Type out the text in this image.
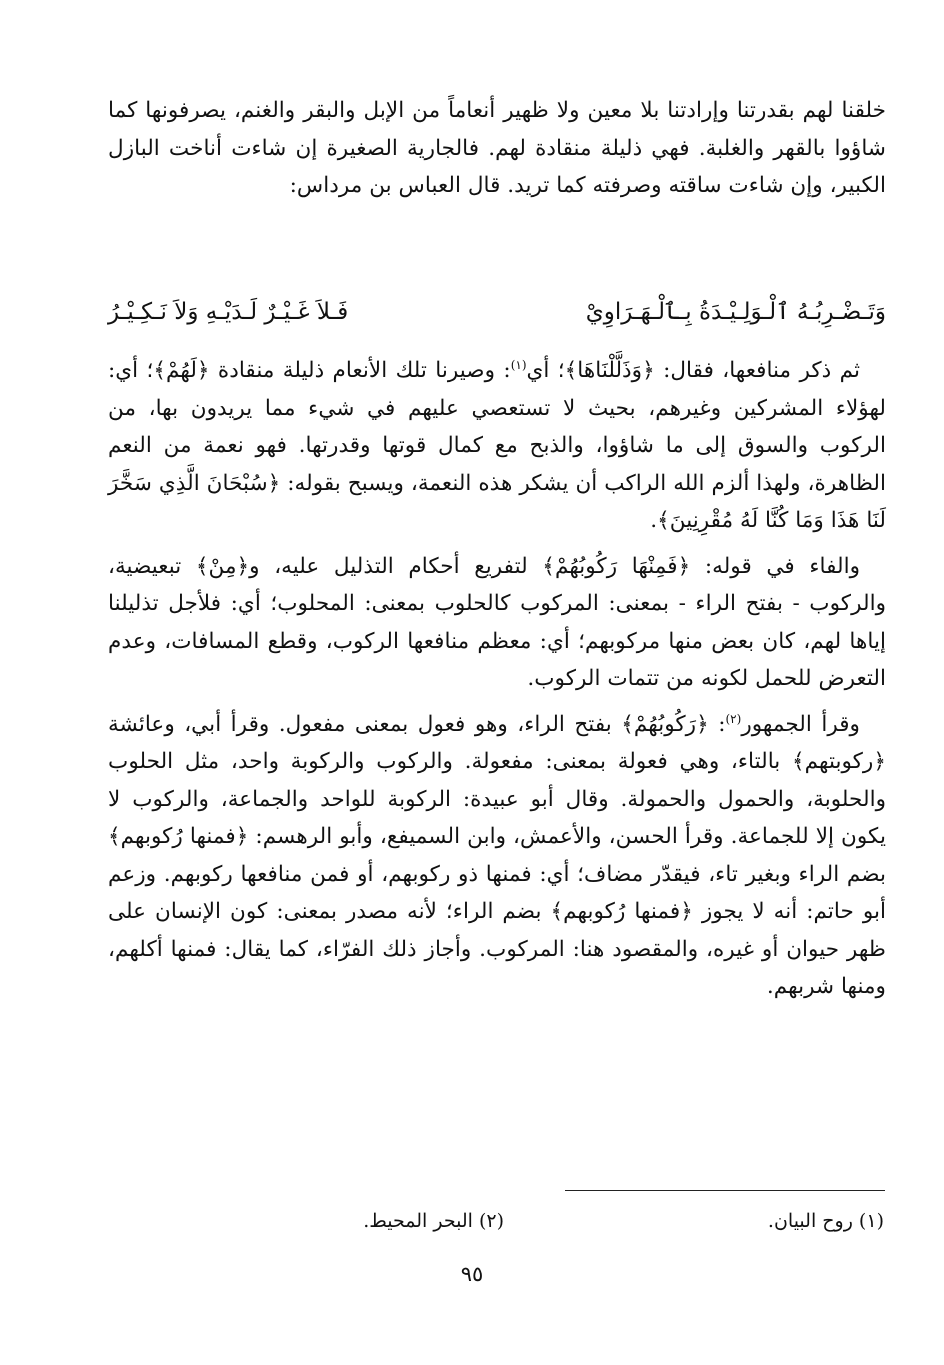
خلقنا لهم بقدرتنا وإرادتنا بلا معين ولا ظهير أنعاماً من الإبل والبقر والغنم، يصرفونها كما شاؤوا بالقهر والغلبة. فهي ذليلة منقادة لهم. فالجارية الصغيرة إن شاءت أناخت البازل الكبير، وإن شاءت ساقته وصرفته كما تريد. قال العباس بن مرداس:

وَتَـضْـرِبُـهُ ٱلْـوَلِـيْـدَةُ بِـٱلْـهَـرَاوِيْ
فَـلاَ غَـيْـرٌ لَـدَيْـهِ وَلاَ نَـكِـيْـرُ

ثم ذكر منافعها، فقال: ﴿وَذَلَّلْنَاهَا﴾؛ أي$^{(١)}$: وصيرنا تلك الأنعام ذليلة منقادة ﴿لَهُمْ﴾؛ أي: لهؤلاء المشركين وغيرهم، بحيث لا تستعصي عليهم في شيء مما يريدون بها، من الركوب والسوق إلى ما شاؤوا، والذبح مع كمال قوتها وقدرتها. فهو نعمة من النعم الظاهرة، ولهذا ألزم الله الراكب أن يشكر هذه النعمة، ويسبح بقوله: ﴿سُبْحَانَ الَّذِي سَخَّرَ لَنَا هَذَا وَمَا كُنَّا لَهُ مُقْرِنِينَ﴾.

والفاء في قوله: ﴿فَمِنْهَا رَكُوبُهُمْ﴾ لتفريع أحكام التذليل عليه، و﴿مِنْ﴾ تبعيضية، والركوب - بفتح الراء - بمعنى: المركوب كالحلوب بمعنى: المحلوب؛ أي: فلأجل تذليلنا إياها لهم، كان بعض منها مركوبهم؛ أي: معظم منافعها الركوب، وقطع المسافات، وعدم التعرض للحمل لكونه من تتمات الركوب.

وقرأ الجمهور$^{(٢)}$: ﴿رَكُوبُهُمْ﴾ بفتح الراء، وهو فعول بمعنى مفعول. وقرأ أبي، وعائشة ﴿ركوبتهم﴾ بالتاء، وهي فعولة بمعنى: مفعولة. والركوب والركوبة واحد، مثل الحلوب والحلوبة، والحمول والحمولة. وقال أبو عبيدة: الركوبة للواحد والجماعة، والركوب لا يكون إلا للجماعة. وقرأ الحسن، والأعمش، وابن السميفع، وأبو الرهسم: ﴿فمنها رُكوبهم﴾ بضم الراء وبغير تاء، فيقدّر مضاف؛ أي: فمنها ذو ركوبهم، أو فمن منافعها ركوبهم. وزعم أبو حاتم: أنه لا يجوز ﴿فمنها رُكوبهم﴾ بضم الراء؛ لأنه مصدر بمعنى: كون الإنسان على ظهر حيوان أو غيره، والمقصود هنا: المركوب. وأجاز ذلك الفرّاء، كما يقال: فمنها أكلهم، ومنها شربهم.

(١) روح البيان.
(٢) البحر المحيط.
٩٥
